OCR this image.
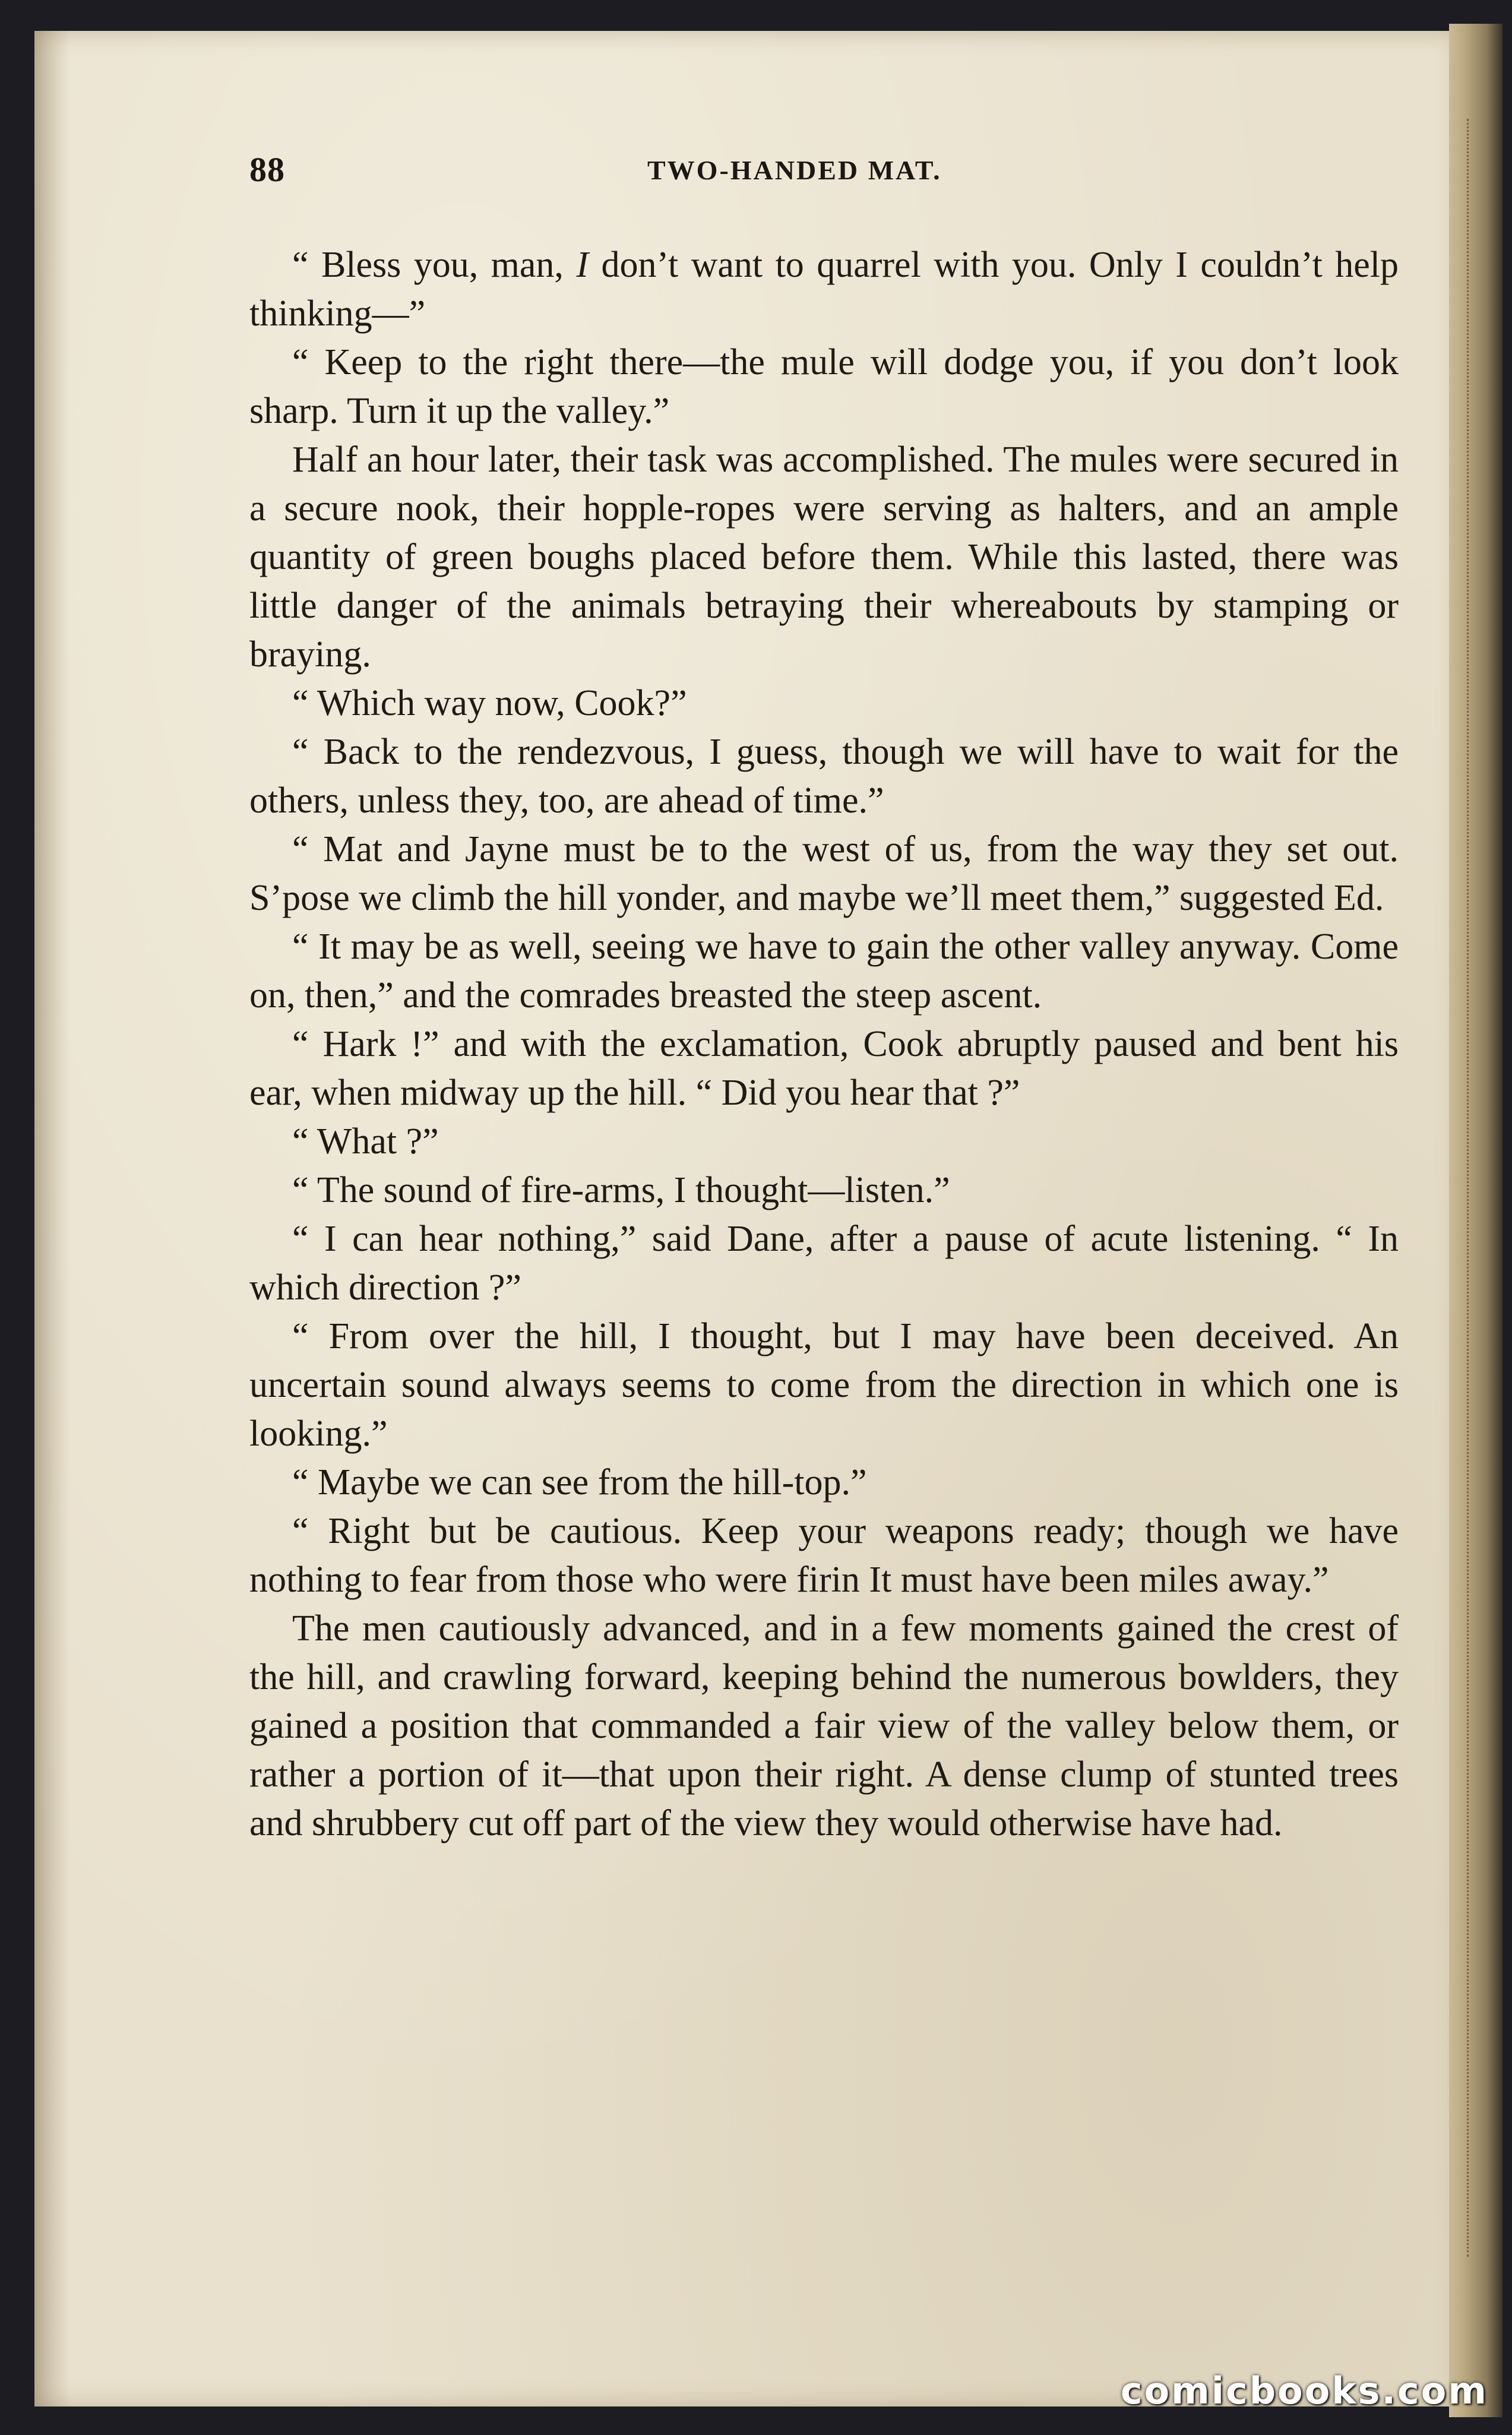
88	TWO-HANDED MAT.

“ Bless you, man, I don’t want to quarrel with you. Only I couldn’t help thinking—”

“ Keep to the right there—the mule will dodge you, if you don’t look sharp. Turn it up the valley.”

Half an hour later, their task was accomplished. The mules were secured in a secure nook, their hopple-ropes were serving as halters, and an ample quantity of green boughs placed before them. While this lasted, there was little danger of the animals betraying their whereabouts by stamping or braying.

“ Which way now, Cook?”

“ Back to the rendezvous, I guess, though we will have to wait for the others, unless they, too, are ahead of time.”

“ Mat and Jayne must be to the west of us, from the way they set out. S’pose we climb the hill yonder, and maybe we’ll meet them,” suggested Ed.

“ It may be as well, seeing we have to gain the other valley anyway. Come on, then,” and the comrades breasted the steep ascent.

“ Hark !” and with the exclamation, Cook abruptly paused and bent his ear, when midway up the hill. “ Did you hear that ?”

“ What ?”

“ The sound of fire-arms, I thought—listen.”

“ I can hear nothing,” said Dane, after a pause of acute listening. “ In which direction ?”

“ From over the hill, I thought, but I may have been deceived. An uncertain sound always seems to come from the direction in which one is looking.”

“ Maybe we can see from the hill-top.”

“ Right but be cautious. Keep your weapons ready; though we have nothing to fear from those who were firin It must have been miles away.”

The men cautiously advanced, and in a few moments gained the crest of the hill, and crawling forward, keeping behind the numerous bowlders, they gained a position that commanded a fair view of the valley below them, or rather a portion of it—that upon their right. A dense clump of stunted trees and shrubbery cut off part of the view they would otherwise have had.

comicbooks.com
